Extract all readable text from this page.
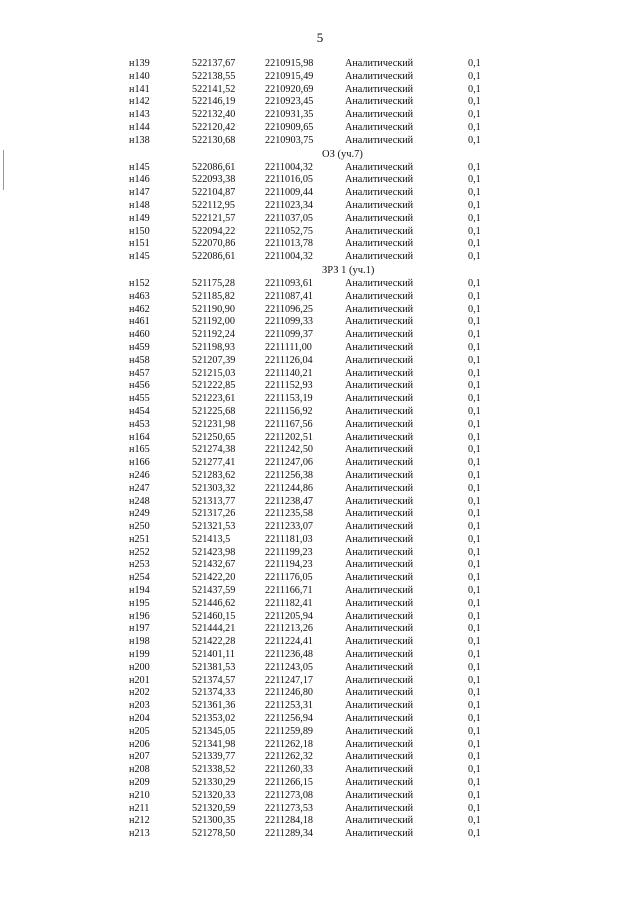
5
н139	522137,67	2210915,98	Аналитический	0,1
н140	522138,55	2210915,49	Аналитический	0,1
н141	522141,52	2210920,69	Аналитический	0,1
н142	522146,19	2210923,45	Аналитический	0,1
н143	522132,40	2210931,35	Аналитический	0,1
н144	522120,42	2210909,65	Аналитический	0,1
н138	522130,68	2210903,75	Аналитический	0,1
ОЗ (уч.7)
н145	522086,61	2211004,32	Аналитический	0,1
н146	522093,38	2211016,05	Аналитический	0,1
н147	522104,87	2211009,44	Аналитический	0,1
н148	522112,95	2211023,34	Аналитический	0,1
н149	522121,57	2211037,05	Аналитический	0,1
н150	522094,22	2211052,75	Аналитический	0,1
н151	522070,86	2211013,78	Аналитический	0,1
н145	522086,61	2211004,32	Аналитический	0,1
ЗРЗ 1 (уч.1)
н152	521175,28	2211093,61	Аналитический	0,1
н463	521185,82	2211087,41	Аналитический	0,1
н462	521190,90	2211096,25	Аналитический	0,1
н461	521192,00	2211099,33	Аналитический	0,1
н460	521192,24	2211099,37	Аналитический	0,1
н459	521198,93	2211111,00	Аналитический	0,1
н458	521207,39	2211126,04	Аналитический	0,1
н457	521215,03	2211140,21	Аналитический	0,1
н456	521222,85	2211152,93	Аналитический	0,1
н455	521223,61	2211153,19	Аналитический	0,1
н454	521225,68	2211156,92	Аналитический	0,1
н453	521231,98	2211167,56	Аналитический	0,1
н164	521250,65	2211202,51	Аналитический	0,1
н165	521274,38	2211242,50	Аналитический	0,1
н166	521277,41	2211247,06	Аналитический	0,1
н246	521283,62	2211256,38	Аналитический	0,1
н247	521303,32	2211244,86	Аналитический	0,1
н248	521313,77	2211238,47	Аналитический	0,1
н249	521317,26	2211235,58	Аналитический	0,1
н250	521321,53	2211233,07	Аналитический	0,1
н251	521413,5	2211181,03	Аналитический	0,1
н252	521423,98	2211199,23	Аналитический	0,1
н253	521432,67	2211194,23	Аналитический	0,1
н254	521422,20	2211176,05	Аналитический	0,1
н194	521437,59	2211166,71	Аналитический	0,1
н195	521446,62	2211182,41	Аналитический	0,1
н196	521460,15	2211205,94	Аналитический	0,1
н197	521444,21	2211213,26	Аналитический	0,1
н198	521422,28	2211224,41	Аналитический	0,1
н199	521401,11	2211236,48	Аналитический	0,1
н200	521381,53	2211243,05	Аналитический	0,1
н201	521374,57	2211247,17	Аналитический	0,1
н202	521374,33	2211246,80	Аналитический	0,1
н203	521361,36	2211253,31	Аналитический	0,1
н204	521353,02	2211256,94	Аналитический	0,1
н205	521345,05	2211259,89	Аналитический	0,1
н206	521341,98	2211262,18	Аналитический	0,1
н207	521339,77	2211262,32	Аналитический	0,1
н208	521338,52	2211260,33	Аналитический	0,1
н209	521330,29	2211266,15	Аналитический	0,1
н210	521320,33	2211273,08	Аналитический	0,1
н211	521320,59	2211273,53	Аналитический	0,1
н212	521300,35	2211284,18	Аналитический	0,1
н213	521278,50	2211289,34	Аналитический	0,1
